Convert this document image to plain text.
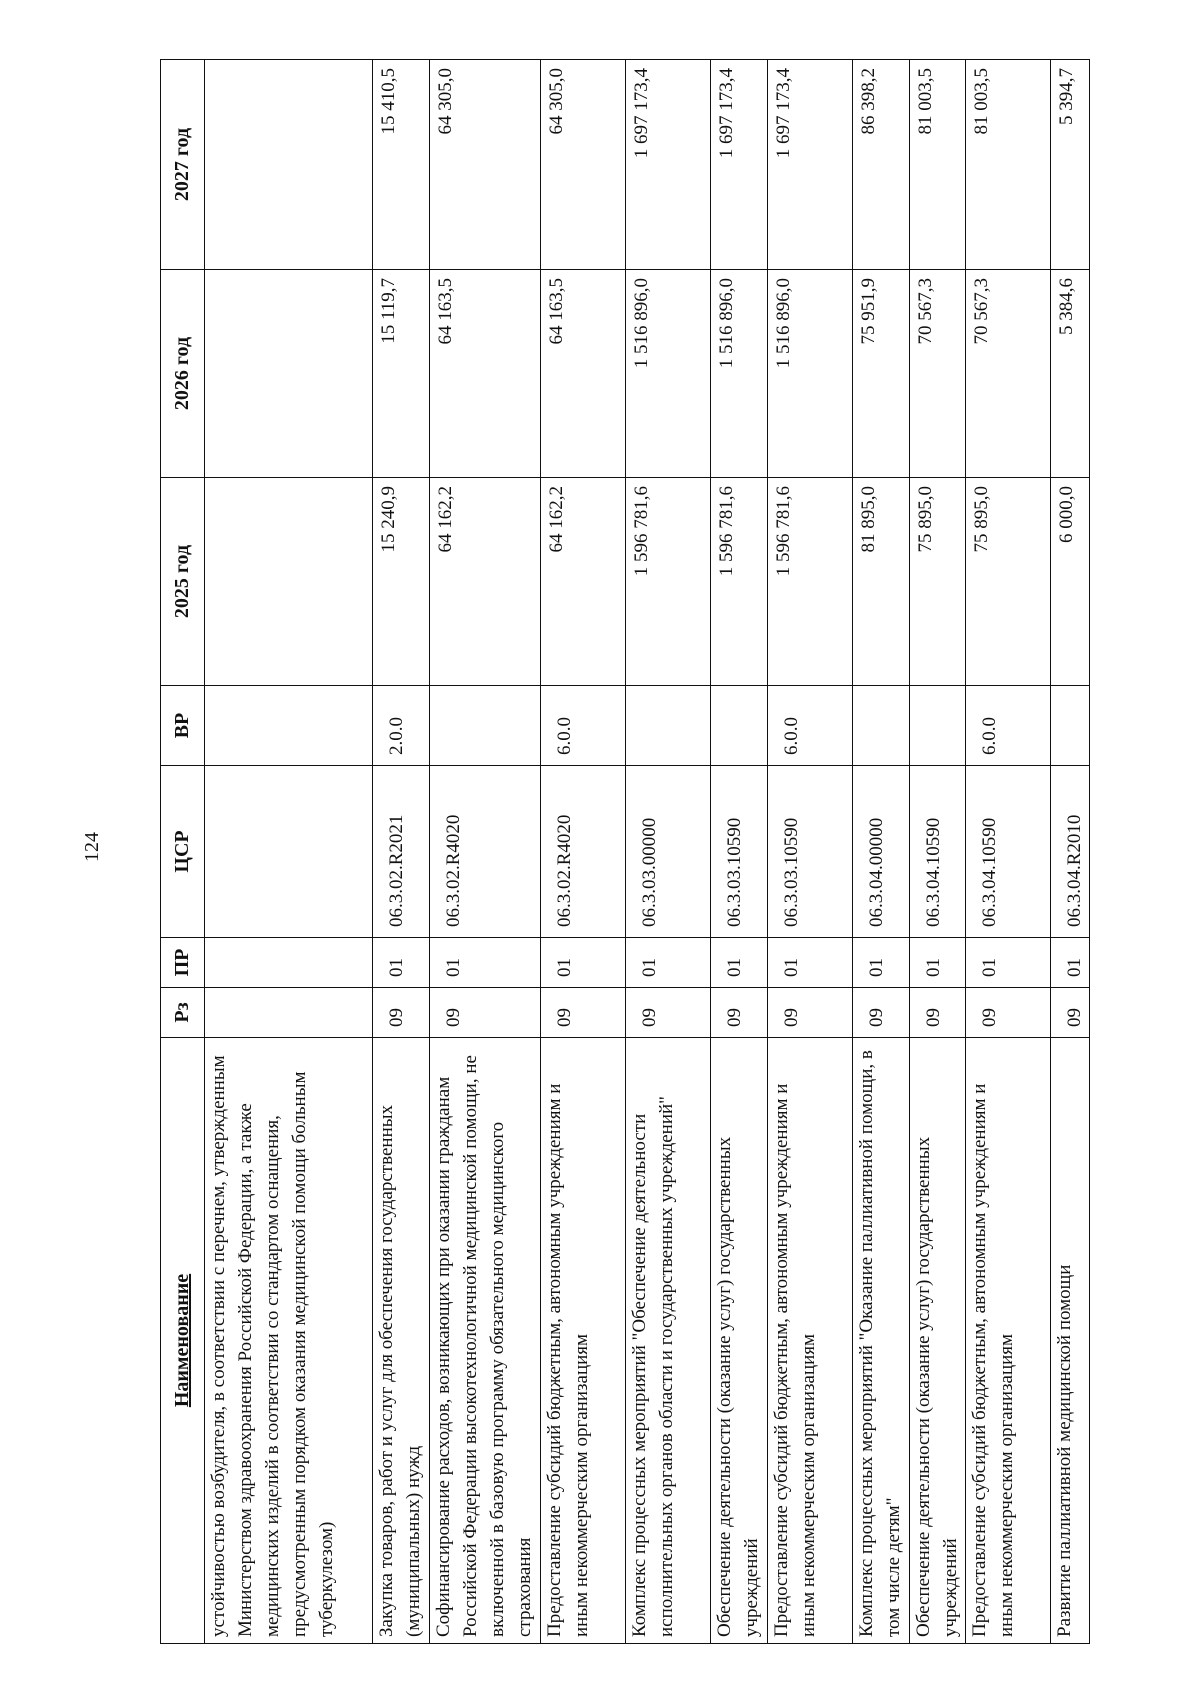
124
Наименование	Рз	ПР	ЦСР	ВР	2025 год	2026 год	2027 год
устойчивостью возбудителя, в соответствии с перечнем, утвержденным Министерством здравоохранения Российской Федерации, а также медицинских изделий в соответствии со стандартом оснащения, предусмотренным порядком оказания медицинской помощи больным туберкулезом)							
Закупка товаров, работ и услуг для обеспечения государственных (муниципальных) нужд	09	01	06.3.02.R2021	2.0.0	15 240,9	15 119,7	15 410,5
Софинансирование расходов, возникающих при оказании гражданам Российской Федерации высокотехнологичной медицинской помощи, не включенной в базовую программу обязательного медицинского страхования	09	01	06.3.02.R4020		64 162,2	64 163,5	64 305,0
Предоставление субсидий бюджетным, автономным учреждениям и иным некоммерческим организациям	09	01	06.3.02.R4020	6.0.0	64 162,2	64 163,5	64 305,0
Комплекс процессных мероприятий "Обеспечение деятельности исполнительных органов области и государственных учреждений"	09	01	06.3.03.00000		1 596 781,6	1 516 896,0	1 697 173,4
Обеспечение деятельности (оказание услуг) государственных учреждений	09	01	06.3.03.10590		1 596 781,6	1 516 896,0	1 697 173,4
Предоставление субсидий бюджетным, автономным учреждениям и иным некоммерческим организациям	09	01	06.3.03.10590	6.0.0	1 596 781,6	1 516 896,0	1 697 173,4
Комплекс процессных мероприятий "Оказание паллиативной помощи, в том числе детям"	09	01	06.3.04.00000		81 895,0	75 951,9	86 398,2
Обеспечение деятельности (оказание услуг) государственных учреждений	09	01	06.3.04.10590		75 895,0	70 567,3	81 003,5
Предоставление субсидий бюджетным, автономным учреждениям и иным некоммерческим организациям	09	01	06.3.04.10590	6.0.0	75 895,0	70 567,3	81 003,5
Развитие паллиативной медицинской помощи	09	01	06.3.04.R2010		6 000,0	5 384,6	5 394,7
